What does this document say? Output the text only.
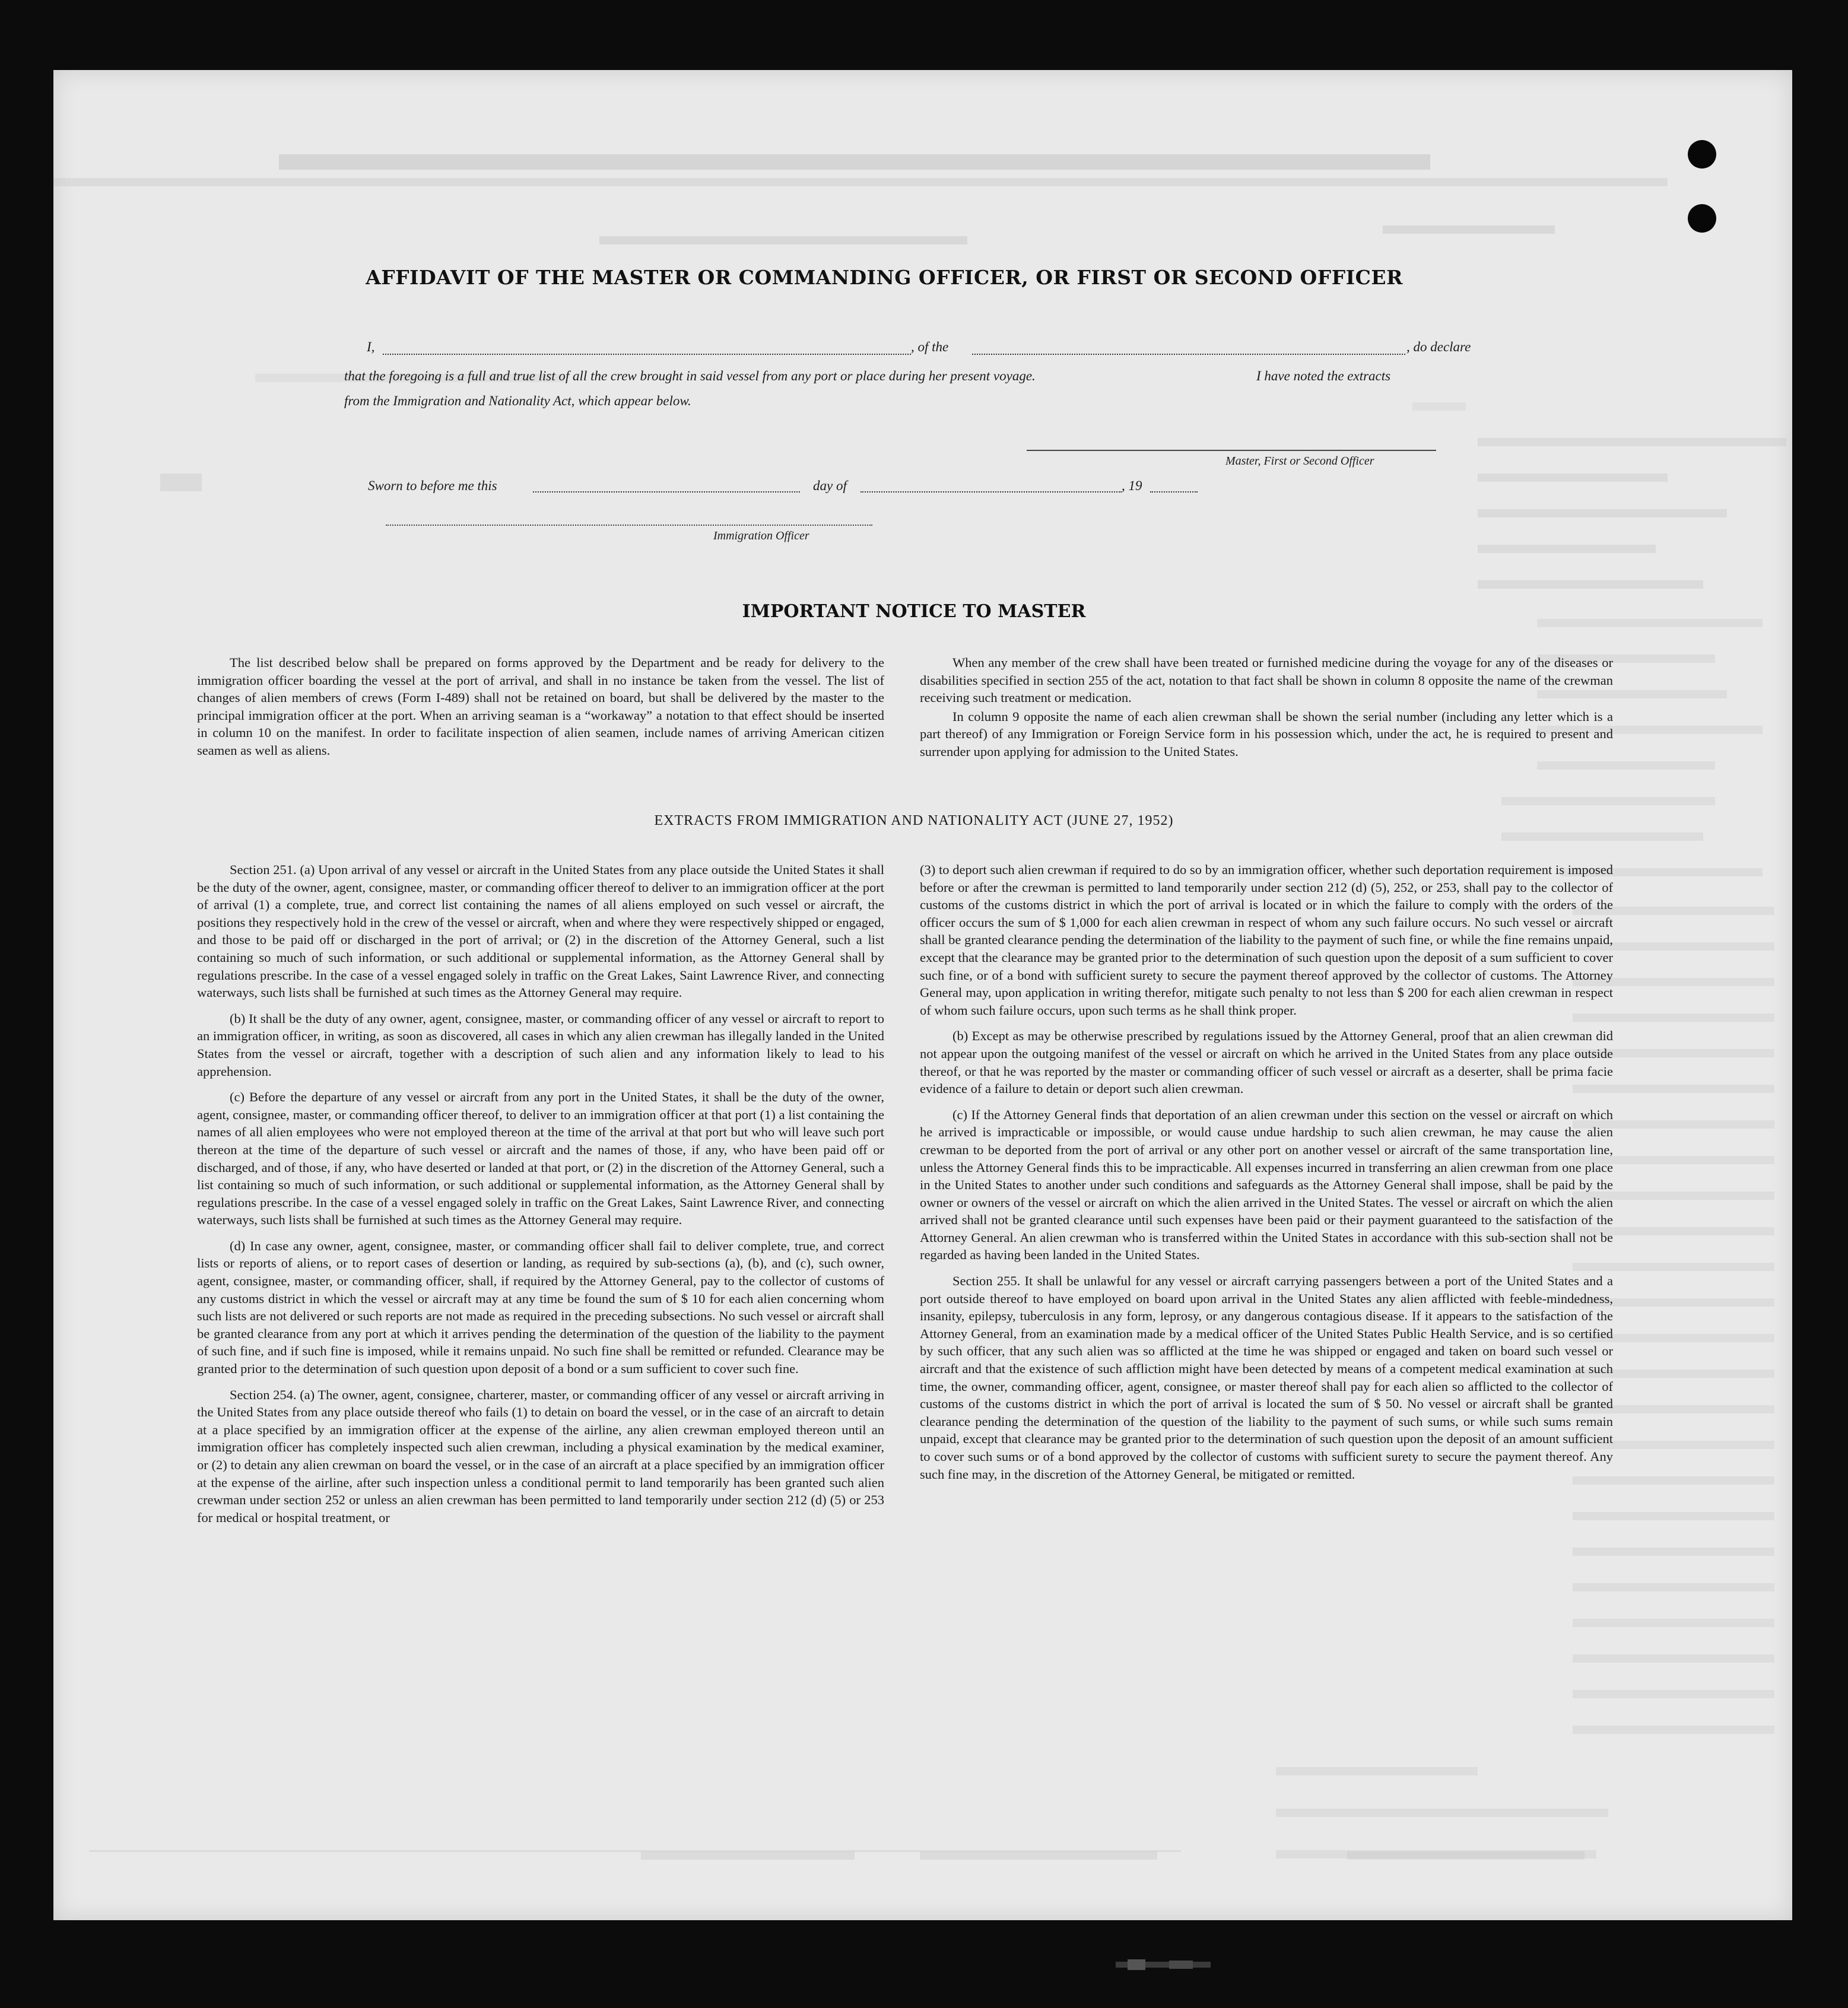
AFFIDAVIT OF THE MASTER OR COMMANDING OFFICER, OR FIRST OR SECOND OFFICER
I,	, of the	, do declare
that the foregoing is a full and true list of all the crew brought in said vessel from any port or place during her present voyage.	I have noted the extracts
from the Immigration and Nationality Act, which appear below.
Master, First or Second Officer
Sworn to before me this	day of	, 19
Immigration Officer
IMPORTANT NOTICE TO MASTER

The list described below shall be prepared on forms approved by the Department and be ready for delivery to the immigration officer boarding the vessel at the port of arrival, and shall in no instance be taken from the vessel. The list of changes of alien members of crews (Form I-489) shall not be retained on board, but shall be delivered by the master to the principal immigration officer at the port. When an arriving seaman is a “workaway” a notation to that effect should be inserted in column 10 on the manifest. In order to facilitate inspection of alien seamen, include names of arriving American citizen seamen as well as aliens.

When any member of the crew shall have been treated or furnished medicine during the voyage for any of the diseases or disabilities specified in section 255 of the act, notation to that fact shall be shown in column 8 opposite the name of the crewman receiving such treatment or medication.

In column 9 opposite the name of each alien crewman shall be shown the serial number (including any letter which is a part thereof) of any Immigration or Foreign Service form in his possession which, under the act, he is required to present and surrender upon applying for admission to the United States.

EXTRACTS FROM IMMIGRATION AND NATIONALITY ACT (JUNE 27, 1952)

Section 251. (a) Upon arrival of any vessel or aircraft in the United States from any place outside the United States it shall be the duty of the owner, agent, consignee, master, or commanding officer thereof to deliver to an immigration officer at the port of arrival (1) a complete, true, and correct list containing the names of all aliens employed on such vessel or aircraft, the positions they respectively hold in the crew of the vessel or aircraft, when and where they were respectively shipped or engaged, and those to be paid off or discharged in the port of arrival; or (2) in the discretion of the Attorney General, such a list containing so much of such information, or such additional or supplemental information, as the Attorney General shall by regulations prescribe. In the case of a vessel engaged solely in traffic on the Great Lakes, Saint Lawrence River, and connecting waterways, such lists shall be furnished at such times as the Attorney General may require.

(b) It shall be the duty of any owner, agent, consignee, master, or commanding officer of any vessel or aircraft to report to an immigration officer, in writing, as soon as discovered, all cases in which any alien crewman has illegally landed in the United States from the vessel or aircraft, together with a description of such alien and any information likely to lead to his apprehension.

(c) Before the departure of any vessel or aircraft from any port in the United States, it shall be the duty of the owner, agent, consignee, master, or commanding officer thereof, to deliver to an immigration officer at that port (1) a list containing the names of all alien employees who were not employed thereon at the time of the arrival at that port but who will leave such port thereon at the time of the departure of such vessel or aircraft and the names of those, if any, who have been paid off or discharged, and of those, if any, who have deserted or landed at that port, or (2) in the discretion of the Attorney General, such a list containing so much of such information, or such additional or supplemental information, as the Attorney General shall by regulations prescribe. In the case of a vessel engaged solely in traffic on the Great Lakes, Saint Lawrence River, and connecting waterways, such lists shall be furnished at such times as the Attorney General may require.

(d) In case any owner, agent, consignee, master, or commanding officer shall fail to deliver complete, true, and correct lists or reports of aliens, or to report cases of desertion or landing, as required by sub-sections (a), (b), and (c), such owner, agent, consignee, master, or commanding officer, shall, if required by the Attorney General, pay to the collector of customs of any customs district in which the vessel or aircraft may at any time be found the sum of $ 10 for each alien concerning whom such lists are not delivered or such reports are not made as required in the preceding subsections. No such vessel or aircraft shall be granted clearance from any port at which it arrives pending the determination of the question of the liability to the payment of such fine, and if such fine is imposed, while it remains unpaid. No such fine shall be remitted or refunded. Clearance may be granted prior to the determination of such question upon deposit of a bond or a sum sufficient to cover such fine.

Section 254. (a) The owner, agent, consignee, charterer, master, or commanding officer of any vessel or aircraft arriving in the United States from any place outside thereof who fails (1) to detain on board the vessel, or in the case of an aircraft to detain at a place specified by an immigration officer at the expense of the airline, any alien crewman employed thereon until an immigration officer has completely inspected such alien crewman, including a physical examination by the medical examiner, or (2) to detain any alien crewman on board the vessel, or in the case of an aircraft at a place specified by an immigration officer at the expense of the airline, after such inspection unless a conditional permit to land temporarily has been granted such alien crewman under section 252 or unless an alien crewman has been permitted to land temporarily under section 212 (d) (5) or 253 for medical or hospital treatment, or

(3) to deport such alien crewman if required to do so by an immigration officer, whether such deportation requirement is imposed before or after the crewman is permitted to land temporarily under section 212 (d) (5), 252, or 253, shall pay to the collector of customs of the customs district in which the port of arrival is located or in which the failure to comply with the orders of the officer occurs the sum of $ 1,000 for each alien crewman in respect of whom any such failure occurs. No such vessel or aircraft shall be granted clearance pending the determination of the liability to the payment of such fine, or while the fine remains unpaid, except that the clearance may be granted prior to the determination of such question upon the deposit of a sum sufficient to cover such fine, or of a bond with sufficient surety to secure the payment thereof approved by the collector of customs. The Attorney General may, upon application in writing therefor, mitigate such penalty to not less than $ 200 for each alien crewman in respect of whom such failure occurs, upon such terms as he shall think proper.

(b) Except as may be otherwise prescribed by regulations issued by the Attorney General, proof that an alien crewman did not appear upon the outgoing manifest of the vessel or aircraft on which he arrived in the United States from any place outside thereof, or that he was reported by the master or commanding officer of such vessel or aircraft as a deserter, shall be prima facie evidence of a failure to detain or deport such alien crewman.

(c) If the Attorney General finds that deportation of an alien crewman under this section on the vessel or aircraft on which he arrived is impracticable or impossible, or would cause undue hardship to such alien crewman, he may cause the alien crewman to be deported from the port of arrival or any other port on another vessel or aircraft of the same transportation line, unless the Attorney General finds this to be impracticable. All expenses incurred in transferring an alien crewman from one place in the United States to another under such conditions and safeguards as the Attorney General shall impose, shall be paid by the owner or owners of the vessel or aircraft on which the alien arrived in the United States. The vessel or aircraft on which the alien arrived shall not be granted clearance until such expenses have been paid or their payment guaranteed to the satisfaction of the Attorney General. An alien crewman who is transferred within the United States in accordance with this sub-section shall not be regarded as having been landed in the United States.

Section 255. It shall be unlawful for any vessel or aircraft carrying passengers between a port of the United States and a port outside thereof to have employed on board upon arrival in the United States any alien afflicted with feeble-mindedness, insanity, epilepsy, tuberculosis in any form, leprosy, or any dangerous contagious disease. If it appears to the satisfaction of the Attorney General, from an examination made by a medical officer of the United States Public Health Service, and is so certified by such officer, that any such alien was so afflicted at the time he was shipped or engaged and taken on board such vessel or aircraft and that the existence of such affliction might have been detected by means of a competent medical examination at such time, the owner, commanding officer, agent, consignee, or master thereof shall pay for each alien so afflicted to the collector of customs of the customs district in which the port of arrival is located the sum of $ 50. No vessel or aircraft shall be granted clearance pending the determination of the question of the liability to the payment of such sums, or while such sums remain unpaid, except that clearance may be granted prior to the determination of such question upon the deposit of an amount sufficient to cover such sums or of a bond approved by the collector of customs with sufficient surety to secure the payment thereof. Any such fine may, in the discretion of the Attorney General, be mitigated or remitted.
